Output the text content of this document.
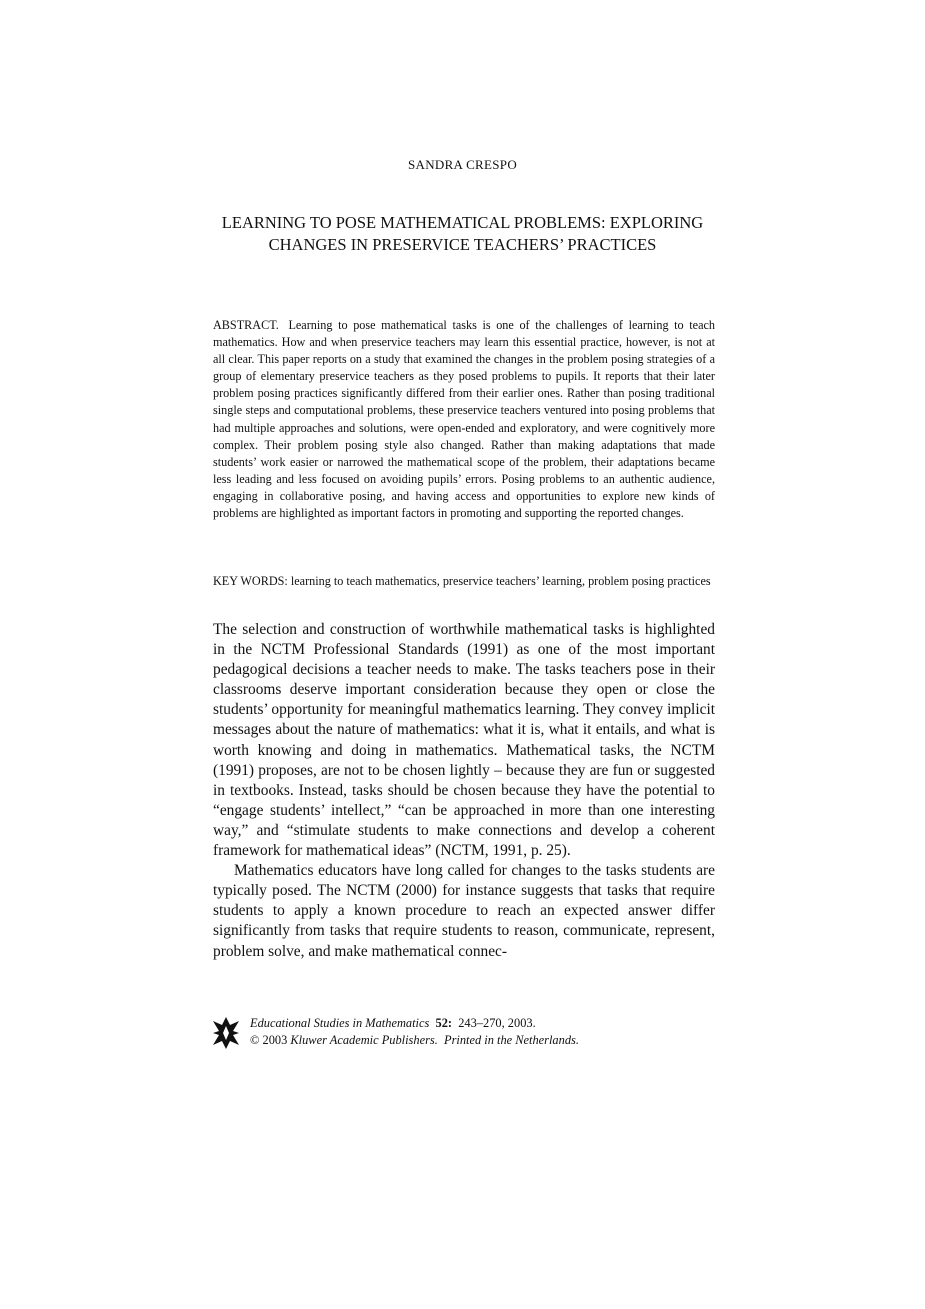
SANDRA CRESPO
LEARNING TO POSE MATHEMATICAL PROBLEMS: EXPLORING
CHANGES IN PRESERVICE TEACHERS’ PRACTICES
ABSTRACT. Learning to pose mathematical tasks is one of the challenges of learning to teach mathematics. How and when preservice teachers may learn this essential practice, however, is not at all clear. This paper reports on a study that examined the changes in the problem posing strategies of a group of elementary preservice teachers as they posed problems to pupils. It reports that their later problem posing practices significantly differed from their earlier ones. Rather than posing traditional single steps and computational problems, these preservice teachers ventured into posing problems that had multiple approaches and solutions, were open-ended and exploratory, and were cognitively more complex. Their problem posing style also changed. Rather than making adaptations that made students’ work easier or narrowed the mathematical scope of the problem, their adaptations became less leading and less focused on avoiding pupils’ errors. Posing problems to an authentic audience, engaging in collaborative posing, and having access and opportunities to explore new kinds of problems are highlighted as important factors in promoting and supporting the reported changes.
KEY WORDS: learning to teach mathematics, preservice teachers’ learning, problem posing practices

The selection and construction of worthwhile mathematical tasks is highlighted in the NCTM Professional Standards (1991) as one of the most important pedagogical decisions a teacher needs to make. The tasks teachers pose in their classrooms deserve important consideration because they open or close the students’ opportunity for meaningful mathematics learning. They convey implicit messages about the nature of mathematics: what it is, what it entails, and what is worth knowing and doing in mathematics. Mathematical tasks, the NCTM (1991) proposes, are not to be chosen lightly – because they are fun or suggested in textbooks. Instead, tasks should be chosen because they have the potential to “engage students’ intellect,” “can be approached in more than one interesting way,” and “stimulate students to make connections and develop a coherent framework for mathematical ideas” (NCTM, 1991, p. 25).

Mathematics educators have long called for changes to the tasks students are typically posed. The NCTM (2000) for instance suggests that tasks that require students to apply a known procedure to reach an expected answer differ significantly from tasks that require students to reason, communicate, represent, problem solve, and make mathematical connec-

Educational Studies in Mathematics 52: 243–270, 2003.
© 2003 Kluwer Academic Publishers. Printed in the Netherlands.
